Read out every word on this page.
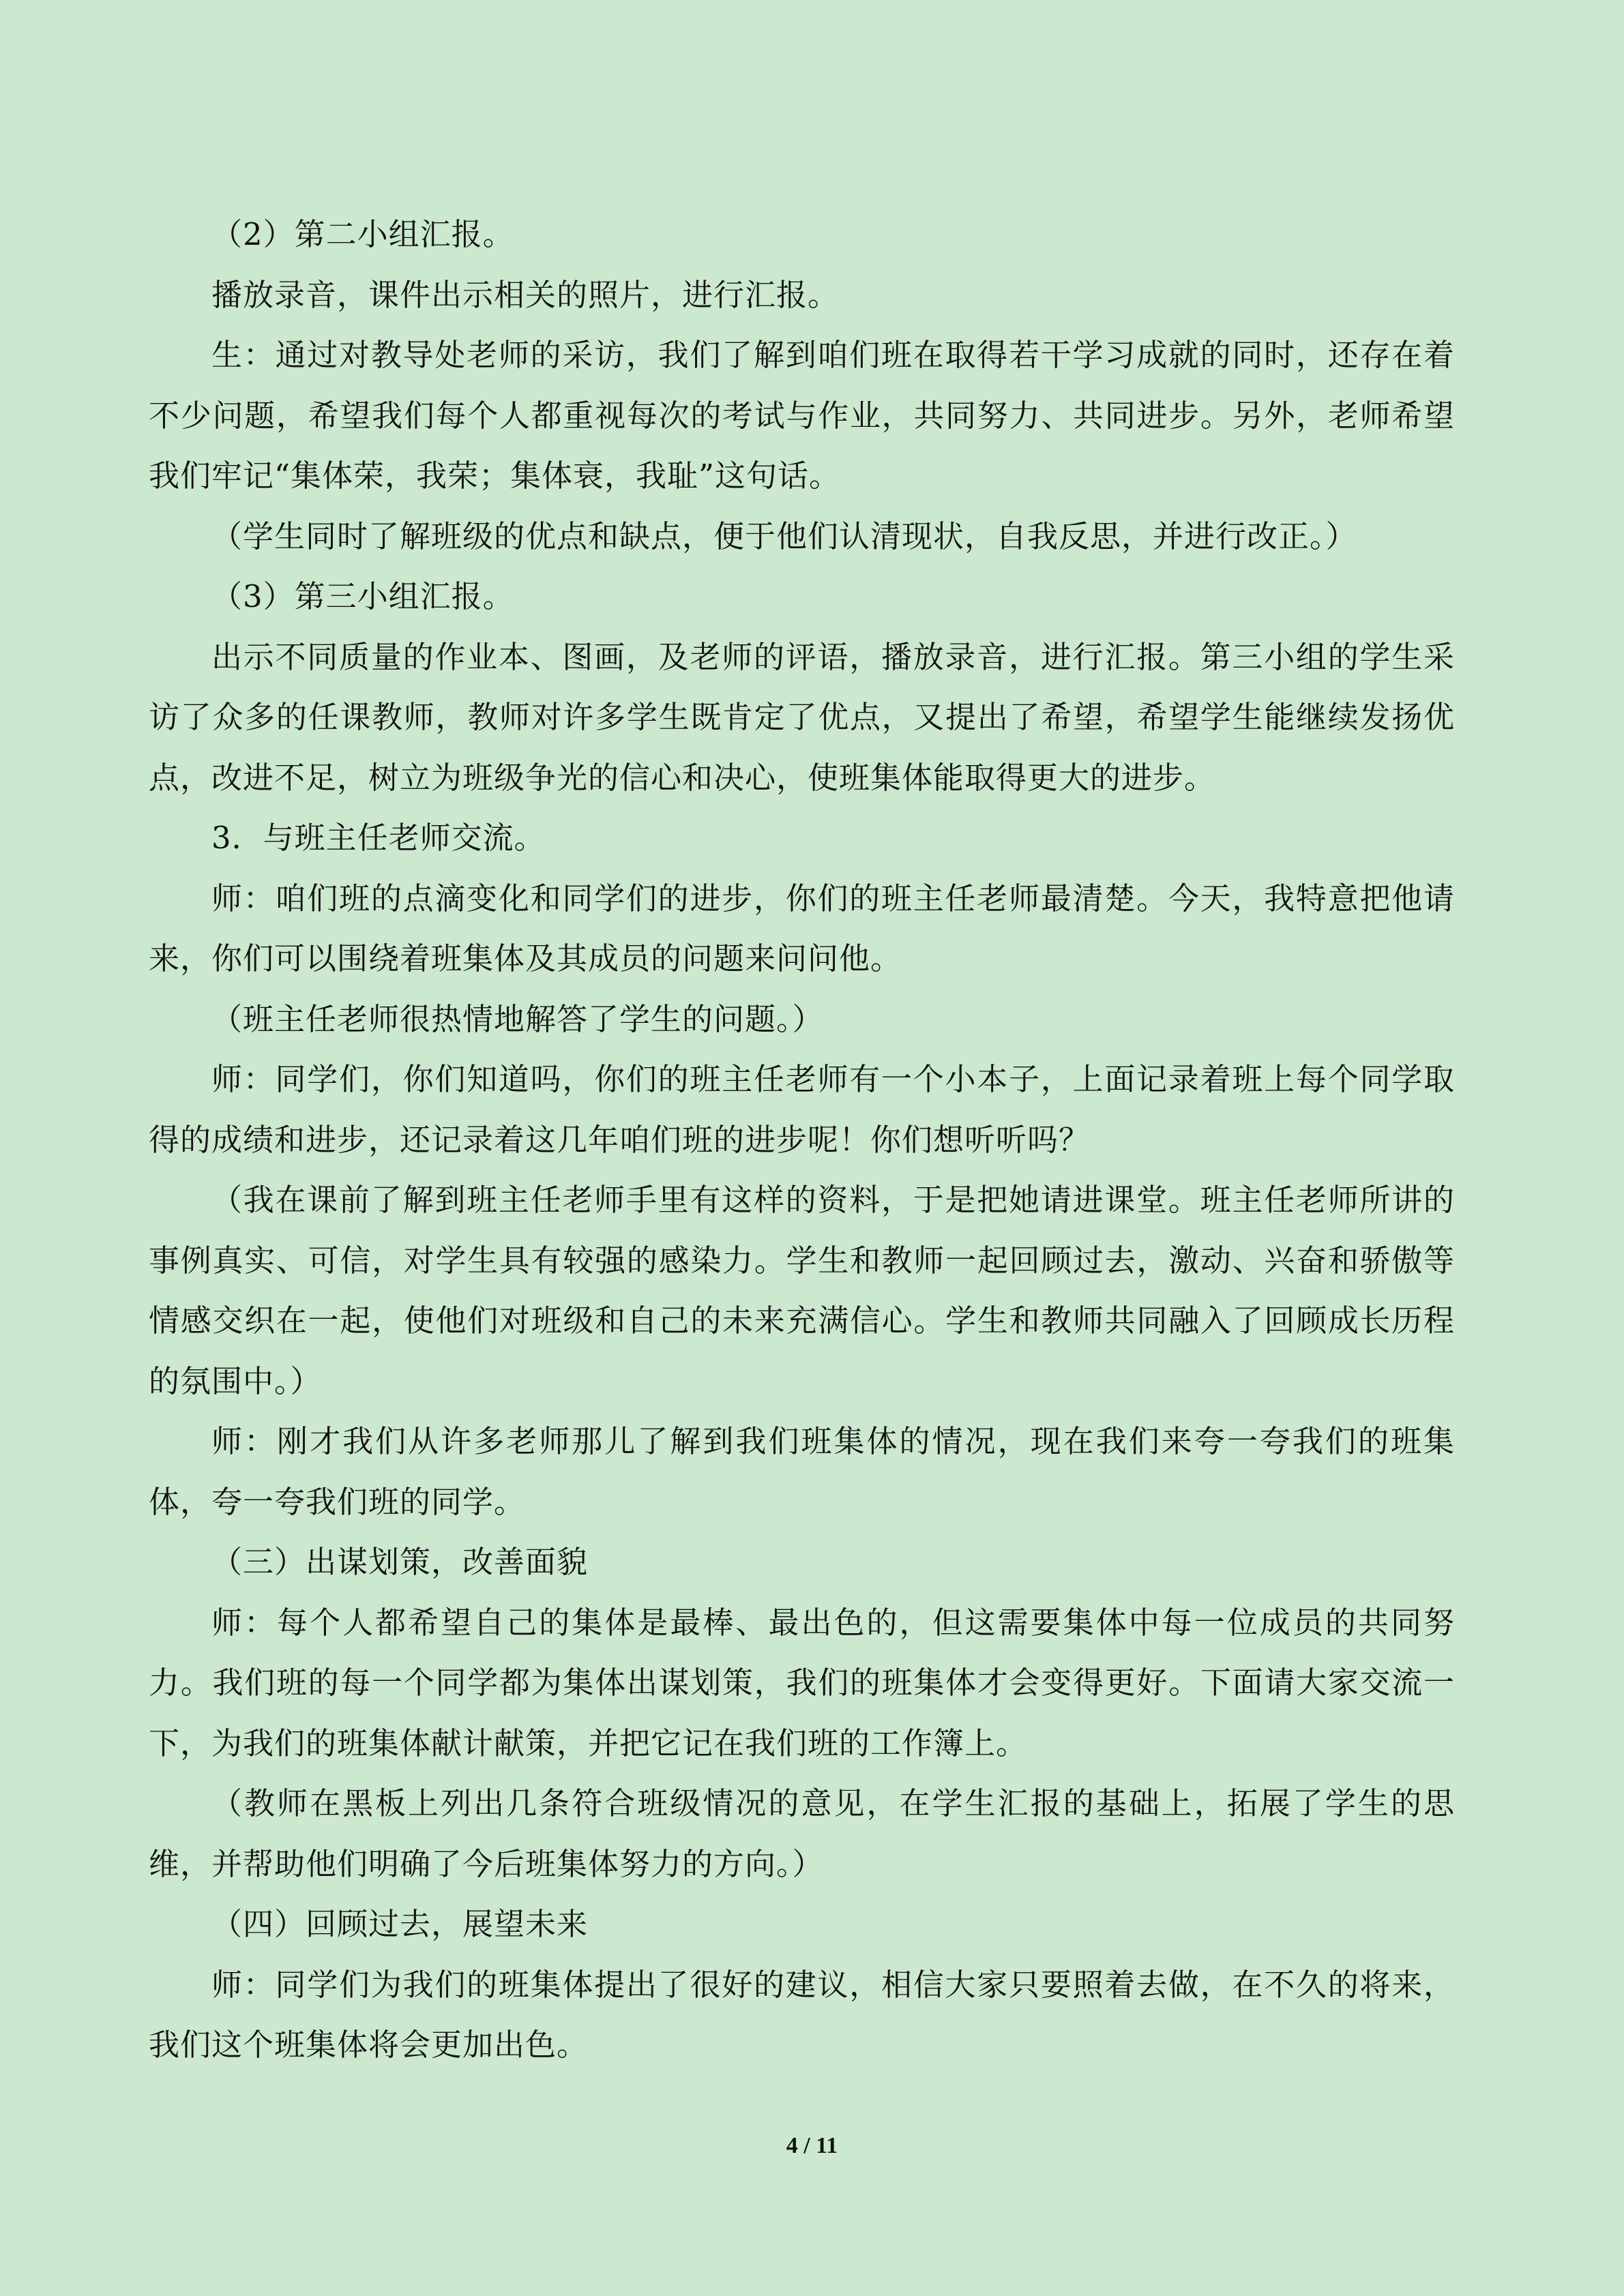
（2）第二小组汇报。

播放录音，课件出示相关的照片，进行汇报。

生：通过对教导处老师的采访，我们了解到咱们班在取得若干学习成就的同时，还存在着不少问题，希望我们每个人都重视每次的考试与作业，共同努力、共同进步。另外，老师希望我们牢记“集体荣，我荣；集体衰，我耻”这句话。

（学生同时了解班级的优点和缺点，便于他们认清现状，自我反思，并进行改正。）

（3）第三小组汇报。

出示不同质量的作业本、图画，及老师的评语，播放录音，进行汇报。第三小组的学生采访了众多的任课教师，教师对许多学生既肯定了优点，又提出了希望，希望学生能继续发扬优点，改进不足，树立为班级争光的信心和决心，使班集体能取得更大的进步。

3．与班主任老师交流。

师：咱们班的点滴变化和同学们的进步，你们的班主任老师最清楚。今天，我特意把他请来，你们可以围绕着班集体及其成员的问题来问问他。

（班主任老师很热情地解答了学生的问题。）

师：同学们，你们知道吗，你们的班主任老师有一个小本子，上面记录着班上每个同学取得的成绩和进步，还记录着这几年咱们班的进步呢！你们想听听吗？

（我在课前了解到班主任老师手里有这样的资料，于是把她请进课堂。班主任老师所讲的事例真实、可信，对学生具有较强的感染力。学生和教师一起回顾过去，激动、兴奋和骄傲等情感交织在一起，使他们对班级和自己的未来充满信心。学生和教师共同融入了回顾成长历程的氛围中。）

师：刚才我们从许多老师那儿了解到我们班集体的情况，现在我们来夸一夸我们的班集体，夸一夸我们班的同学。

（三）出谋划策，改善面貌

师：每个人都希望自己的集体是最棒、最出色的，但这需要集体中每一位成员的共同努力。我们班的每一个同学都为集体出谋划策，我们的班集体才会变得更好。下面请大家交流一下，为我们的班集体献计献策，并把它记在我们班的工作簿上。

（教师在黑板上列出几条符合班级情况的意见，在学生汇报的基础上，拓展了学生的思维，并帮助他们明确了今后班集体努力的方向。）

（四）回顾过去，展望未来

师：同学们为我们的班集体提出了很好的建议，相信大家只要照着去做，在不久的将来，我们这个班集体将会更加出色。

4 / 11
